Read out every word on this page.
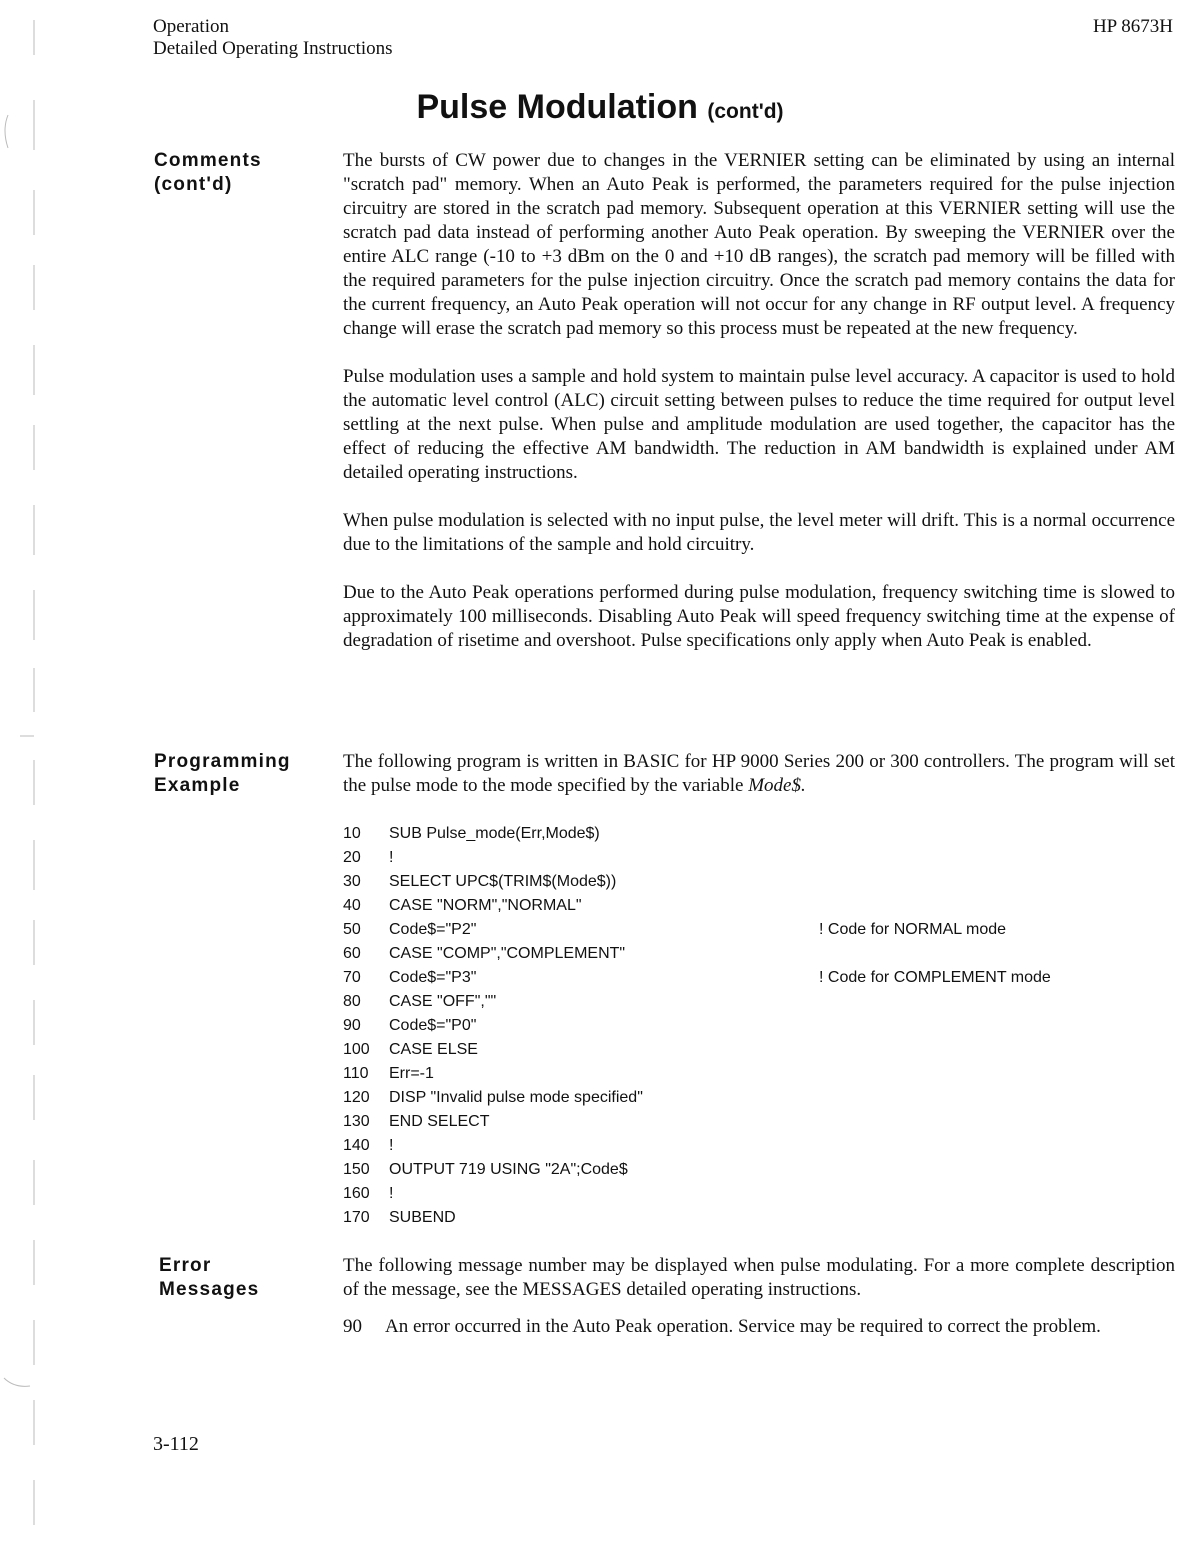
Operation
Detailed Operating Instructions
HP 8673H
Pulse Modulation (cont'd)
Comments
(cont'd)

The bursts of CW power due to changes in the VERNIER setting can be eliminated by using an internal "scratch pad" memory. When an Auto Peak is performed, the parameters required for the pulse injection circuitry are stored in the scratch pad memory. Subsequent operation at this VERNIER setting will use the scratch pad data instead of performing another Auto Peak operation. By sweeping the VERNIER over the entire ALC range (-10 to +3 dBm on the 0 and +10 dB ranges), the scratch pad memory will be filled with the required parameters for the pulse injection circuitry. Once the scratch pad memory contains the data for the current frequency, an Auto Peak operation will not occur for any change in RF output level. A frequency change will erase the scratch pad memory so this process must be repeated at the new frequency.

Pulse modulation uses a sample and hold system to maintain pulse level accuracy. A capacitor is used to hold the automatic level control (ALC) circuit setting between pulses to reduce the time required for output level settling at the next pulse. When pulse and amplitude modulation are used together, the capacitor has the effect of reducing the effective AM bandwidth. The reduction in AM bandwidth is explained under AM detailed operating instructions.

When pulse modulation is selected with no input pulse, the level meter will drift. This is a normal occurrence due to the limitations of the sample and hold circuitry.

Due to the Auto Peak operations performed during pulse modulation, frequency switching time is slowed to approximately 100 milliseconds. Disabling Auto Peak will speed frequency switching time at the expense of degradation of risetime and overshoot. Pulse specifications only apply when Auto Peak is enabled.

Programming
Example
The following program is written in BASIC for HP 9000 Series 200 or 300 controllers. The program will set the pulse mode to the mode specified by the variable Mode$.
10 SUB Pulse_mode(Err,Mode$)
20 !
30 SELECT UPC$(TRIM$(Mode$))
40 CASE "NORM","NORMAL"
50 Code$="P2"	! Code for NORMAL mode
60 CASE "COMP","COMPLEMENT"
70 Code$="P3"	! Code for COMPLEMENT mode
80 CASE "OFF",""
90 Code$="P0"
100 CASE ELSE
110 Err=-1
120 DISP "Invalid pulse mode specified"
130 END SELECT
140 !
150 OUTPUT 719 USING "2A";Code$
160 !
170 SUBEND
Error
Messages
The following message number may be displayed when pulse modulating. For a more complete description of the message, see the MESSAGES detailed operating instructions.
90 An error occurred in the Auto Peak operation. Service may be required to correct the problem.
3-112
